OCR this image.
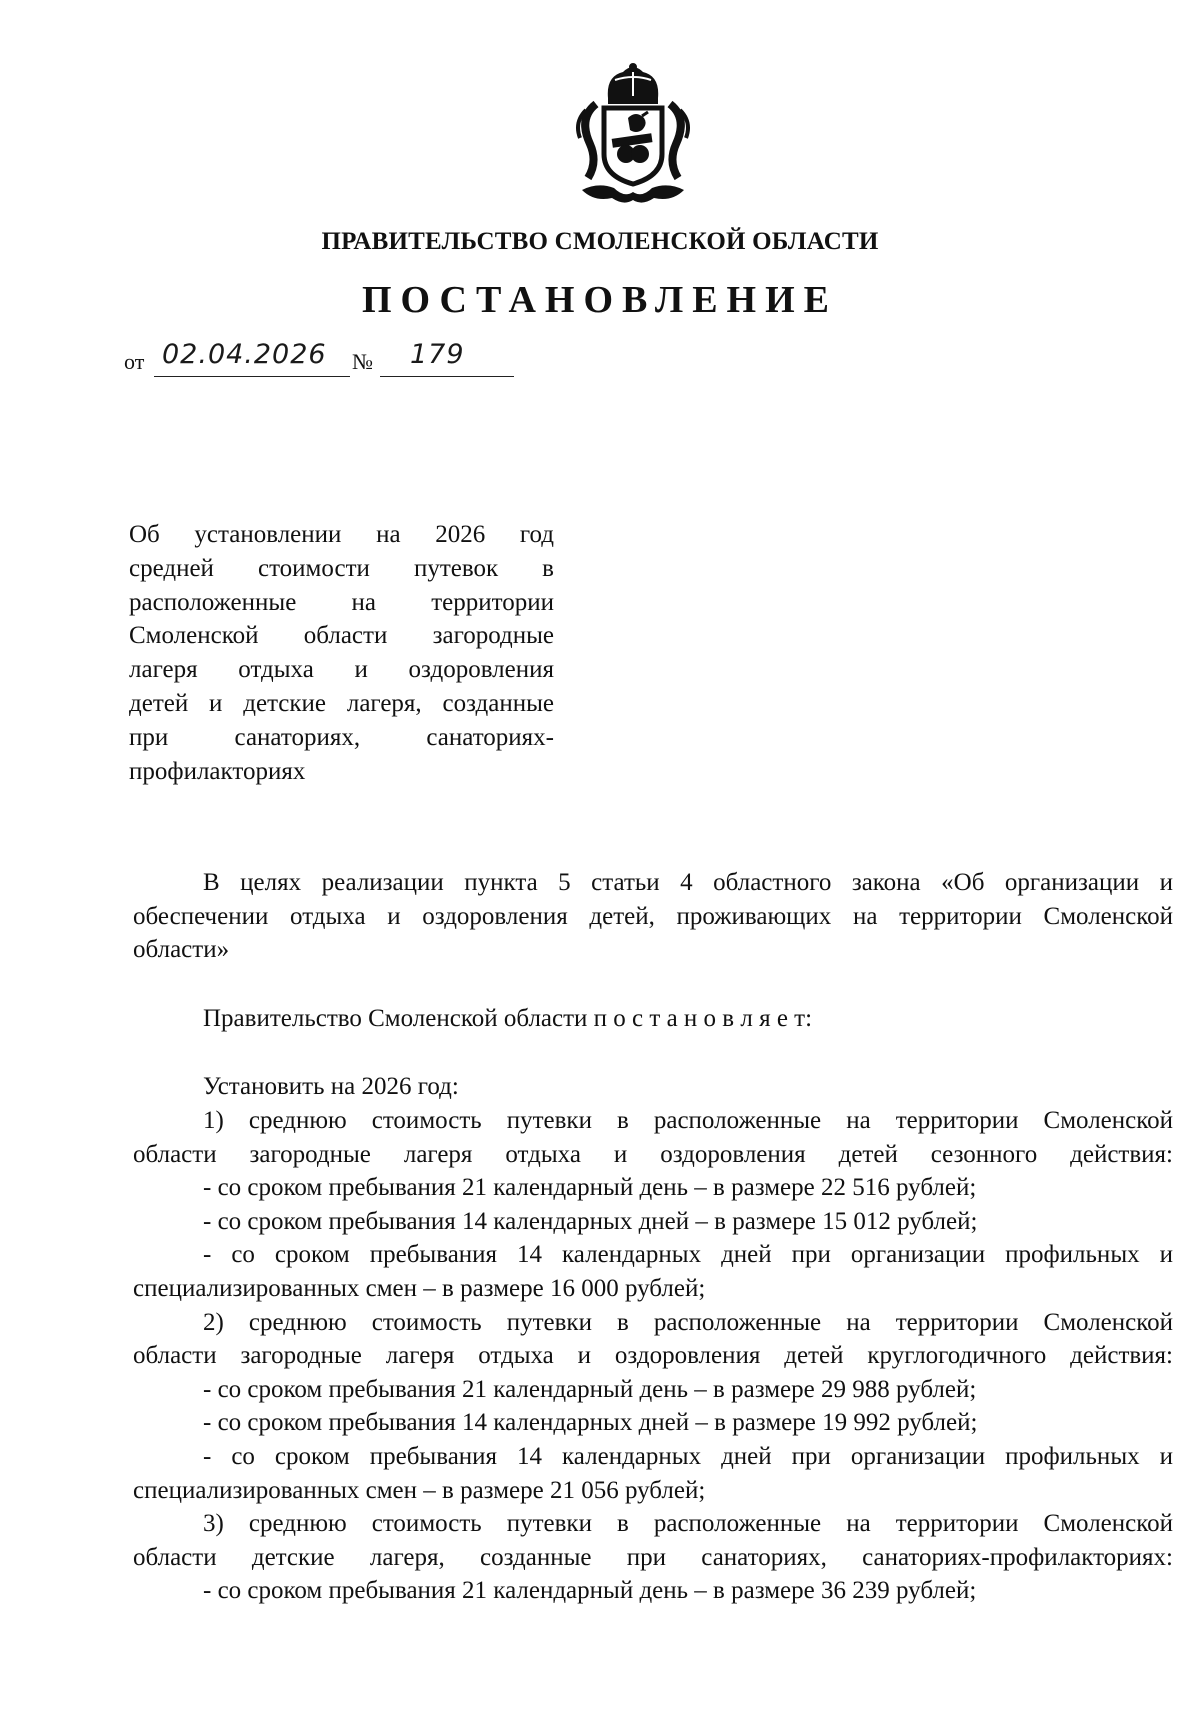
ПРАВИТЕЛЬСТВО СМОЛЕНСКОЙ ОБЛАСТИ
ПОСТАНОВЛЕНИЕ
от 02.04.2026 № 179
Об установлении на 2026 год
средней стоимости путевок в
расположенные на территории
Смоленской области загородные
лагеря отдыха и оздоровления
детей и детские лагеря, созданные
при санаториях, санаториях-
профилакториях
В целях реализации пункта 5 статьи 4 областного закона «Об организации и
обеспечении отдыха и оздоровления детей, проживающих на территории Смоленской
области»
Правительство Смоленской области п о с т а н о в л я е т:
Установить на 2026 год:
1) среднюю стоимость путевки в расположенные на территории Смоленской
области загородные лагеря отдыха и оздоровления детей сезонного действия:
- со сроком пребывания 21 календарный день – в размере 22 516 рублей;
- со сроком пребывания 14 календарных дней – в размере 15 012 рублей;
- со сроком пребывания 14 календарных дней при организации профильных и
специализированных смен – в размере 16 000 рублей;
2) среднюю стоимость путевки в расположенные на территории Смоленской
области загородные лагеря отдыха и оздоровления детей круглогодичного действия:
- со сроком пребывания 21 календарный день – в размере 29 988 рублей;
- со сроком пребывания 14 календарных дней – в размере 19 992 рублей;
- со сроком пребывания 14 календарных дней при организации профильных и
специализированных смен – в размере 21 056 рублей;
3) среднюю стоимость путевки в расположенные на территории Смоленской
области детские лагеря, созданные при санаториях, санаториях-профилакториях:
- со сроком пребывания 21 календарный день – в размере 36 239 рублей;
